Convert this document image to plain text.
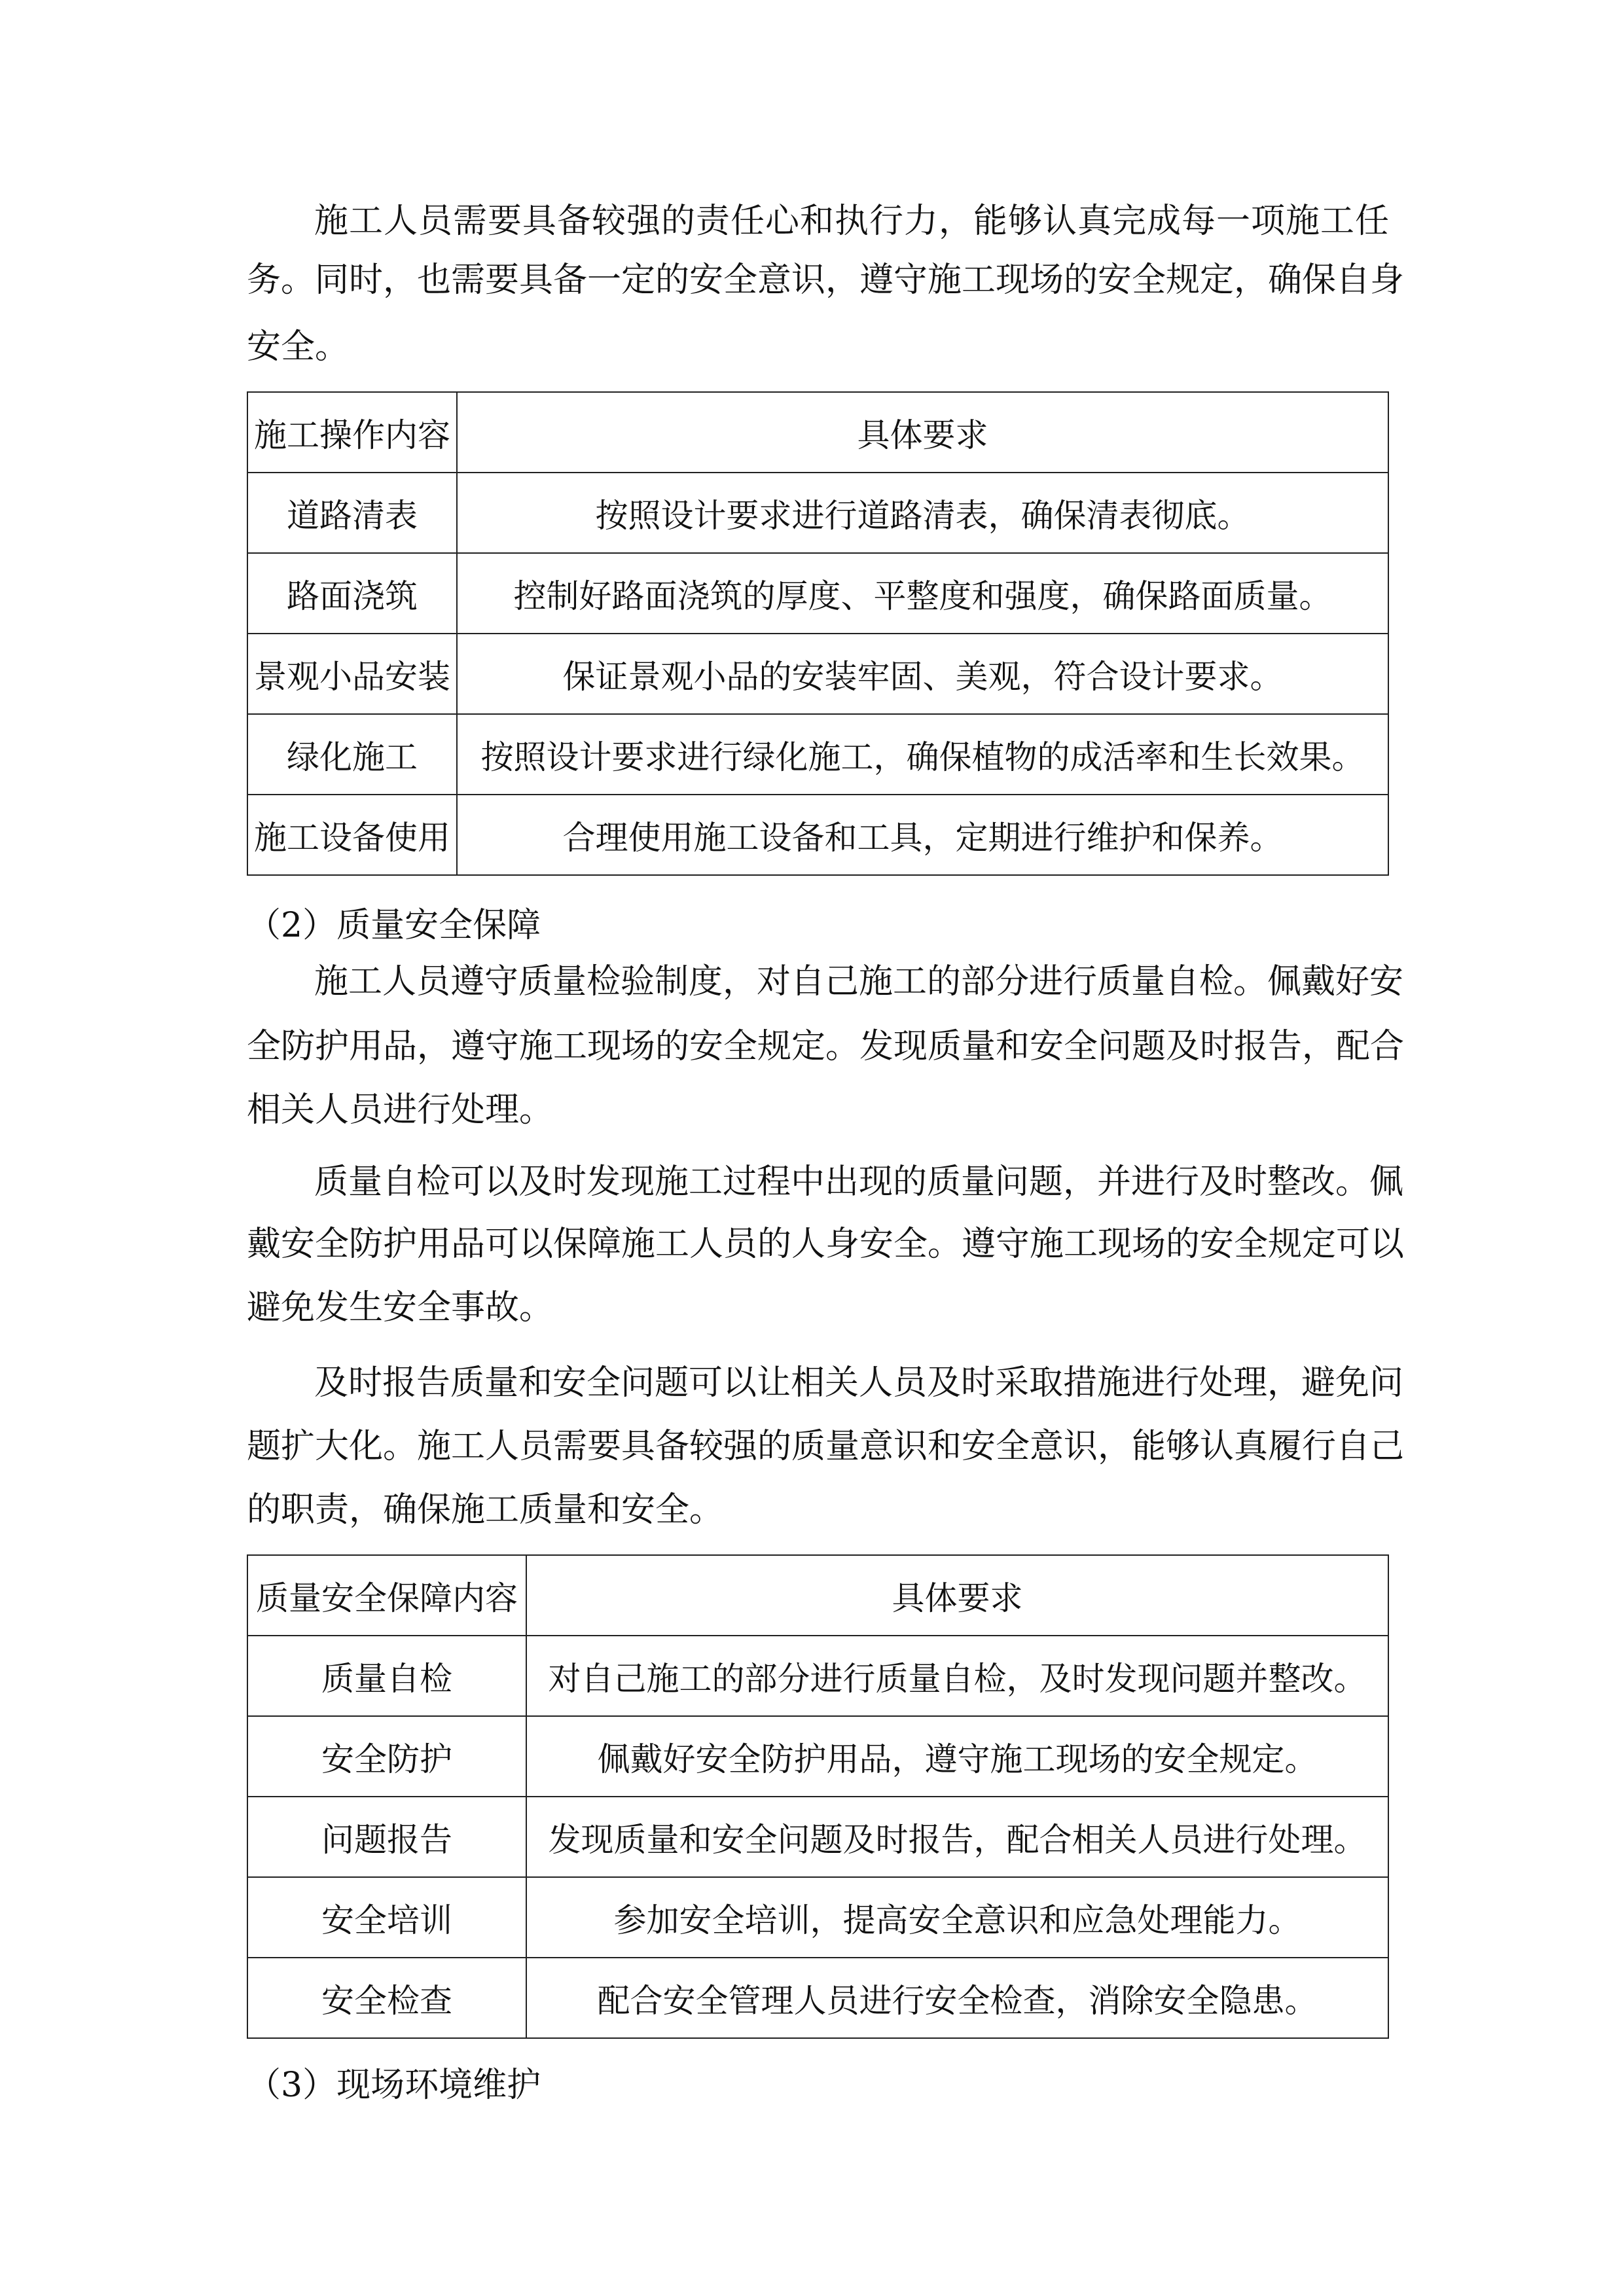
施工人员需要具备较强的责任心和执行力，能够认真完成每一项施工任
务。同时，也需要具备一定的安全意识，遵守施工现场的安全规定，确保自身
安全。
施工操作内容	具体要求
道路清表	按照设计要求进行道路清表，确保清表彻底。
路面浇筑	控制好路面浇筑的厚度、平整度和强度，确保路面质量。
景观小品安装	保证景观小品的安装牢固、美观，符合设计要求。
绿化施工	按照设计要求进行绿化施工，确保植物的成活率和生长效果。
施工设备使用	合理使用施工设备和工具，定期进行维护和保养。
（2）质量安全保障
施工人员遵守质量检验制度，对自己施工的部分进行质量自检。佩戴好安
全防护用品，遵守施工现场的安全规定。发现质量和安全问题及时报告，配合
相关人员进行处理。
质量自检可以及时发现施工过程中出现的质量问题，并进行及时整改。佩
戴安全防护用品可以保障施工人员的人身安全。遵守施工现场的安全规定可以
避免发生安全事故。
及时报告质量和安全问题可以让相关人员及时采取措施进行处理，避免问
题扩大化。施工人员需要具备较强的质量意识和安全意识，能够认真履行自己
的职责，确保施工质量和安全。
质量安全保障内容	具体要求
质量自检	对自己施工的部分进行质量自检，及时发现问题并整改。
安全防护	佩戴好安全防护用品，遵守施工现场的安全规定。
问题报告	发现质量和安全问题及时报告，配合相关人员进行处理。
安全培训	参加安全培训，提高安全意识和应急处理能力。
安全检查	配合安全管理人员进行安全检查，消除安全隐患。
（3）现场环境维护
